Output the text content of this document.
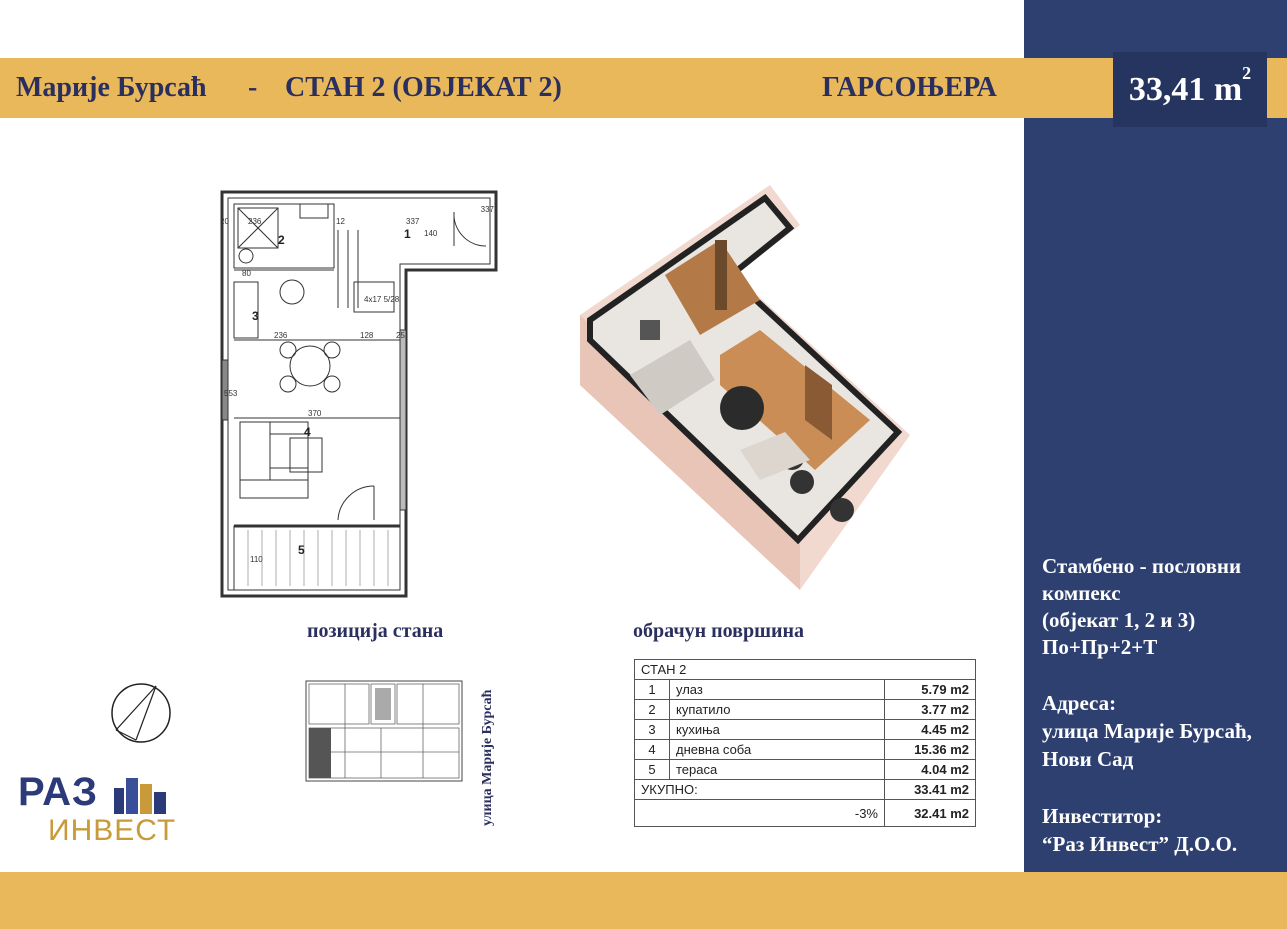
Марије Бурсаћ - СТАН 2 (ОБЈЕКАТ 2)	ГАРСОЊЕРА	33,41 $m^2$
Стамбено - пословни
компекс
(објекат 1, 2 и 3)
По+Пр+2+Т
Адреса:
улица Марије Бурсаћ,
Нови Сад
Инвеститор:
“Раз Инвест” Д.О.О.
337
236	337
140
20	12
236	128	25
370
553
110
80
4x17 5/28
1
2
3
4
5
позиција стана	обрачун површина
улица Марије Бурсаћ
СТАН 2		
1	улаз	5.79 m2
2	купатило	3.77 m2
3	кухиња	4.45 m2
4	дневна соба	15.36 m2
5	тераса	4.04 m2
УКУПНО:		33.41 m2
-3%		32.41 m2
РАЗ
ИНВЕСТ
